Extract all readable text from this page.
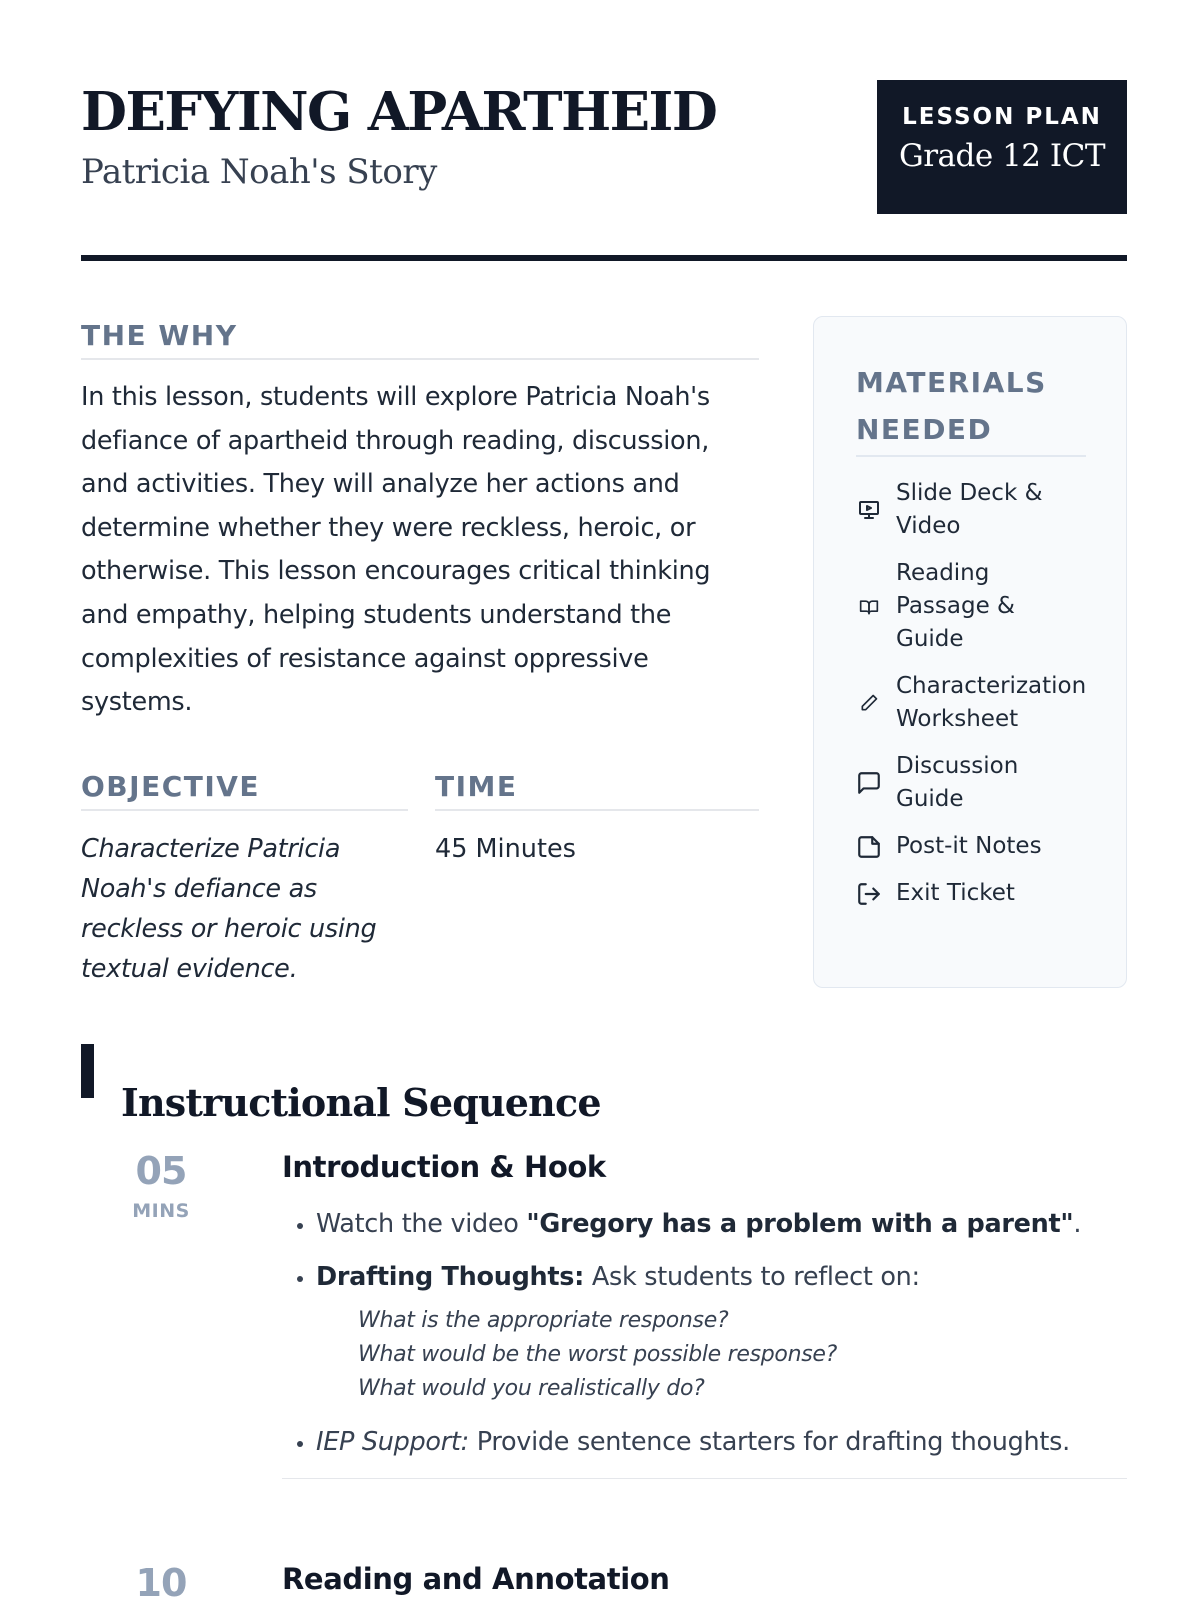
DEFYING APARTHEID
Patricia Noah's Story
LESSON PLAN
Grade 12 ICT
THE WHY
In this lesson, students will explore Patricia Noah's defiance of apartheid through reading, discussion, and activities. They will analyze her actions and determine whether they were reckless, heroic, or otherwise. This lesson encourages critical thinking and empathy, helping students understand the complexities of resistance against oppressive systems.
OBJECTIVE
Characterize Patricia Noah's defiance as reckless or heroic using textual evidence.
TIME
45 Minutes
MATERIALS NEEDED
Slide Deck & Video
Reading Passage & Guide
Characterization Worksheet
Discussion Guide
Post-it Notes
Exit Ticket
Instructional Sequence
05
MINS
Introduction & Hook
• Watch the video "Gregory has a problem with a parent".
• Drafting Thoughts: Ask students to reflect on:
What is the appropriate response?
What would be the worst possible response?
What would you realistically do?
• IEP Support: Provide sentence starters for drafting thoughts.
10	Reading and Annotation
